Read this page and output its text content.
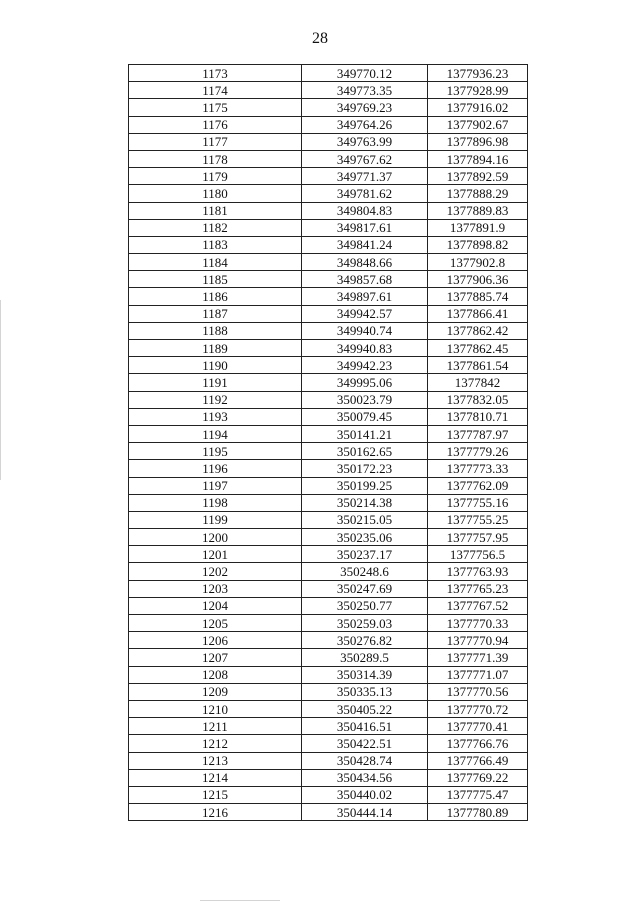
28
1173	349770.12	1377936.23
1174	349773.35	1377928.99
1175	349769.23	1377916.02
1176	349764.26	1377902.67
1177	349763.99	1377896.98
1178	349767.62	1377894.16
1179	349771.37	1377892.59
1180	349781.62	1377888.29
1181	349804.83	1377889.83
1182	349817.61	1377891.9
1183	349841.24	1377898.82
1184	349848.66	1377902.8
1185	349857.68	1377906.36
1186	349897.61	1377885.74
1187	349942.57	1377866.41
1188	349940.74	1377862.42
1189	349940.83	1377862.45
1190	349942.23	1377861.54
1191	349995.06	1377842
1192	350023.79	1377832.05
1193	350079.45	1377810.71
1194	350141.21	1377787.97
1195	350162.65	1377779.26
1196	350172.23	1377773.33
1197	350199.25	1377762.09
1198	350214.38	1377755.16
1199	350215.05	1377755.25
1200	350235.06	1377757.95
1201	350237.17	1377756.5
1202	350248.6	1377763.93
1203	350247.69	1377765.23
1204	350250.77	1377767.52
1205	350259.03	1377770.33
1206	350276.82	1377770.94
1207	350289.5	1377771.39
1208	350314.39	1377771.07
1209	350335.13	1377770.56
1210	350405.22	1377770.72
1211	350416.51	1377770.41
1212	350422.51	1377766.76
1213	350428.74	1377766.49
1214	350434.56	1377769.22
1215	350440.02	1377775.47
1216	350444.14	1377780.89
